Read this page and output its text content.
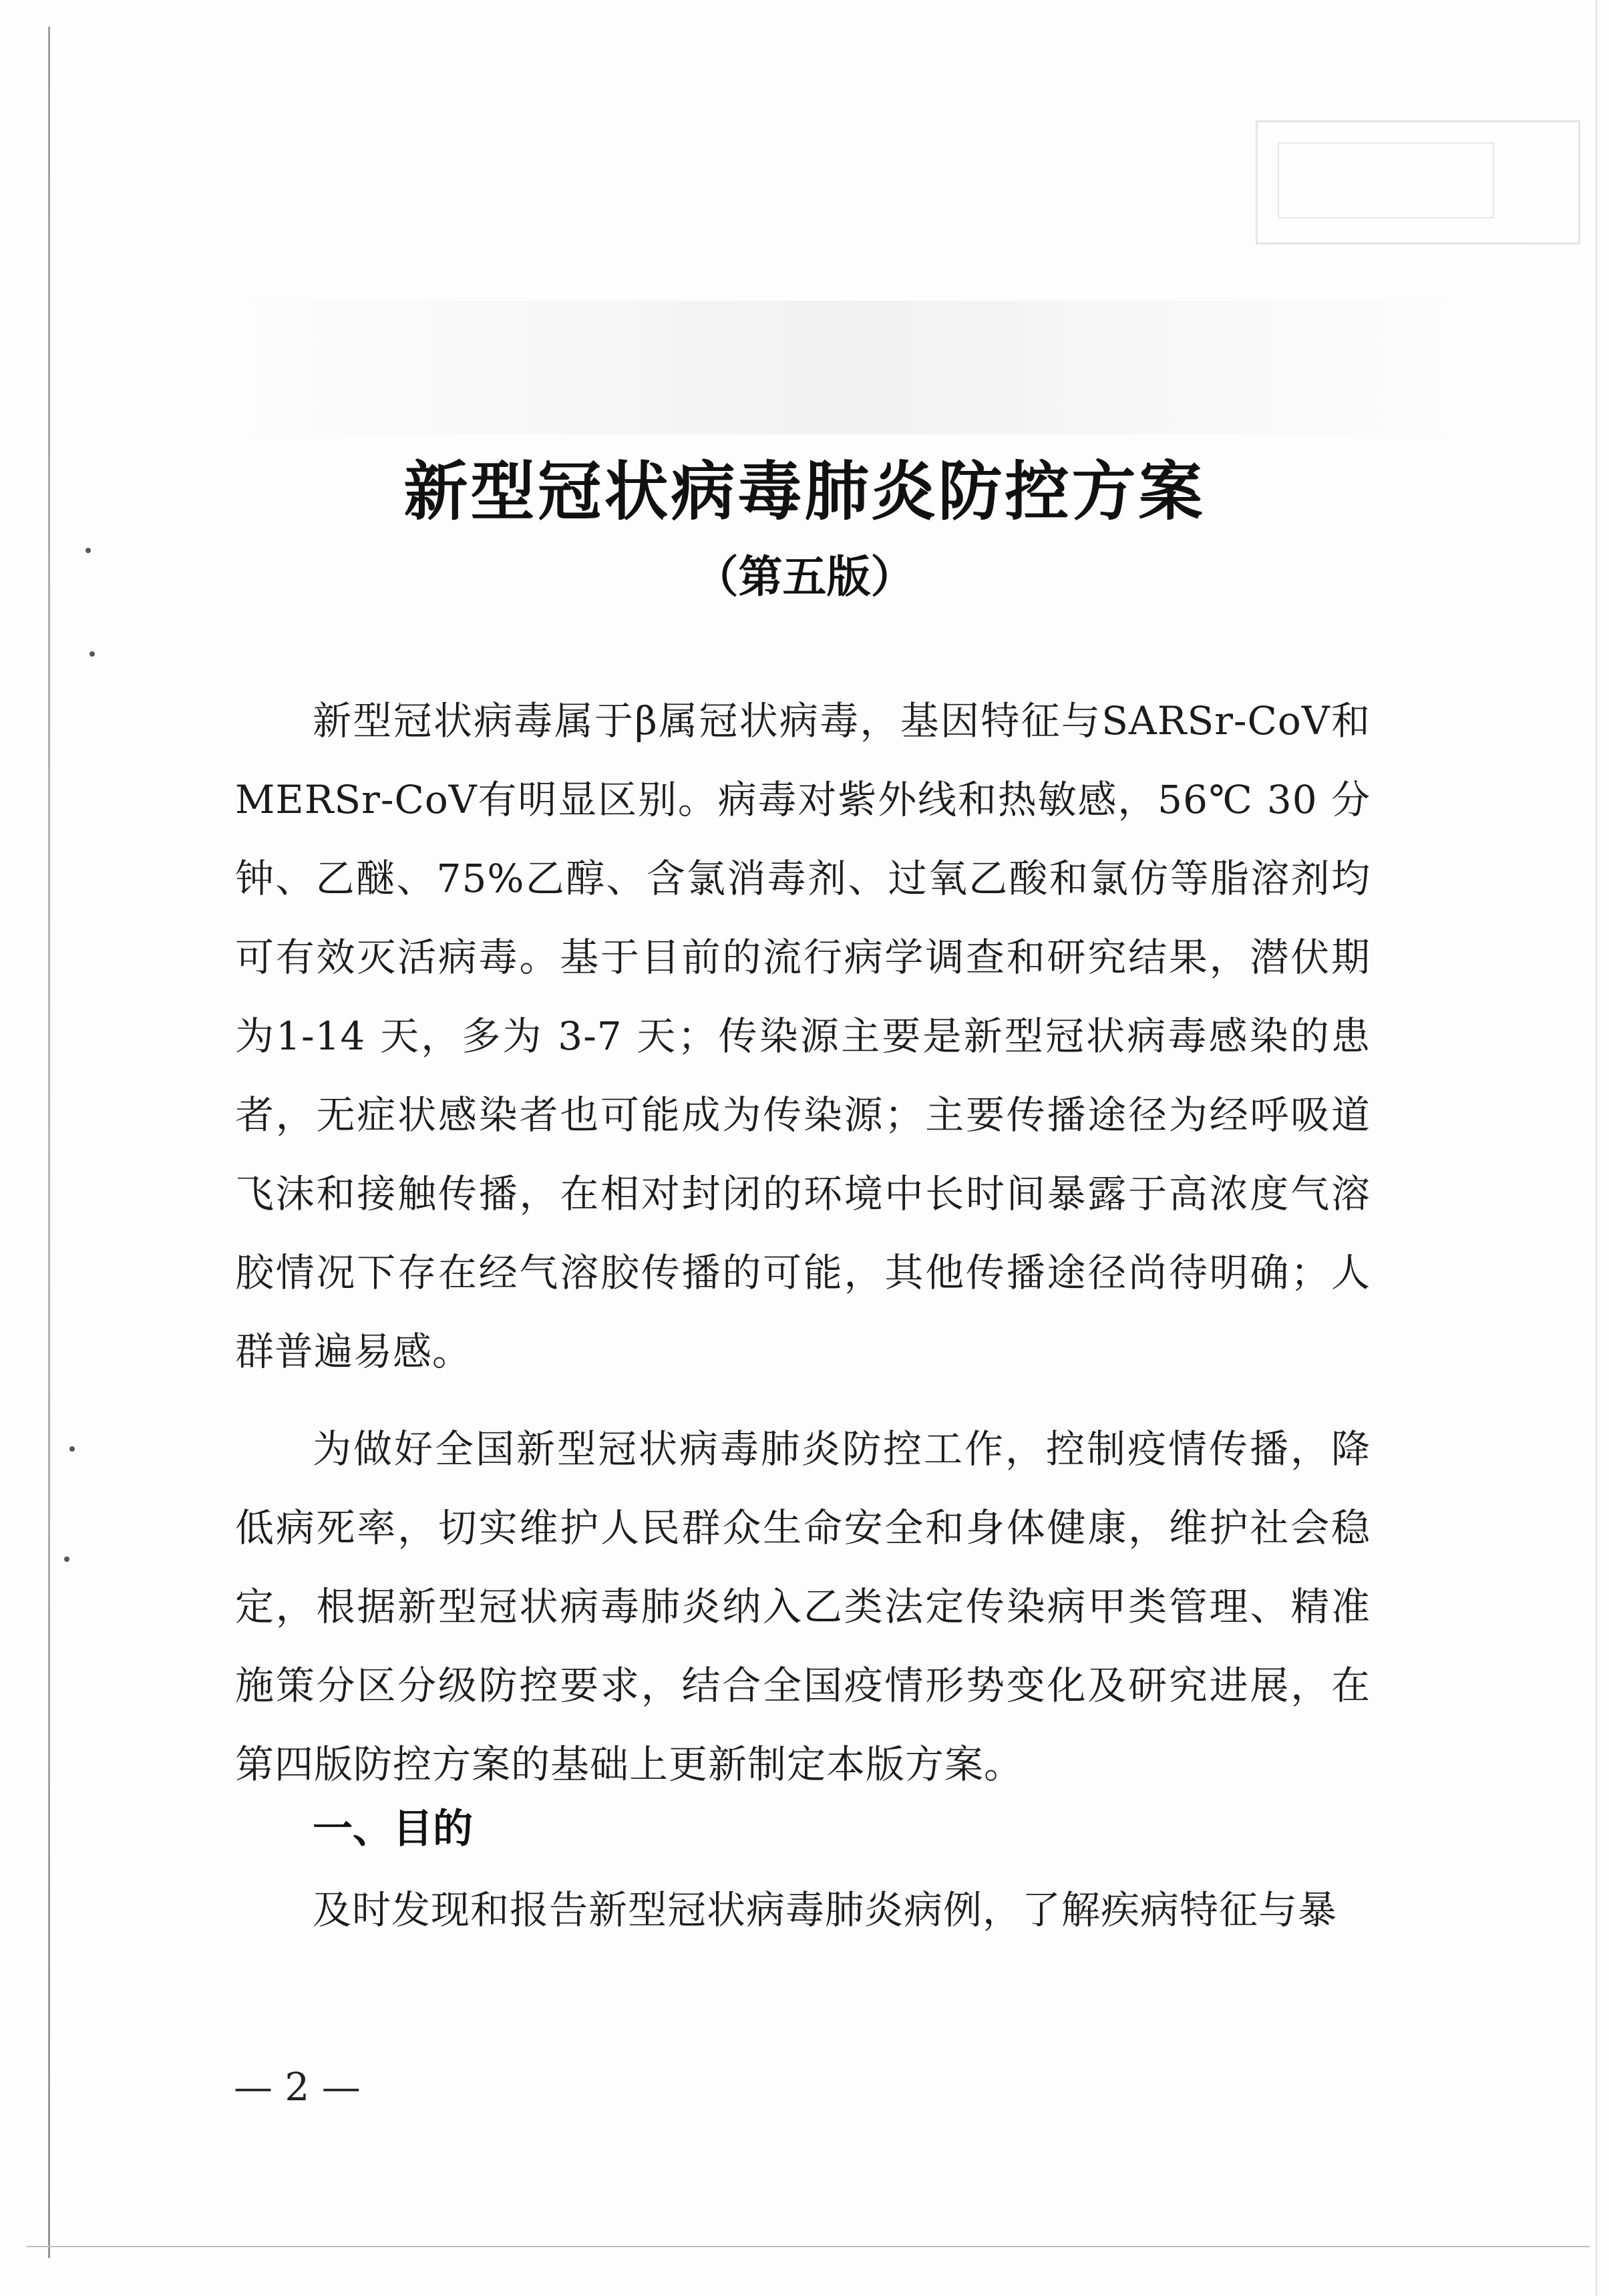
新型冠状病毒肺炎防控方案
（第五版）
新型冠状病毒属于β属冠状病毒，基因特征与SARSr-CoV和MERSr-CoV有明显区别。病毒对紫外线和热敏感，56℃ 30 分钟、乙醚、75%乙醇、含氯消毒剂、过氧乙酸和氯仿等脂溶剂均可有效灭活病毒。基于目前的流行病学调查和研究结果，潜伏期为1-14 天，多为 3-7 天；传染源主要是新型冠状病毒感染的患者，无症状感染者也可能成为传染源；主要传播途径为经呼吸道飞沫和接触传播，在相对封闭的环境中长时间暴露于高浓度气溶胶情况下存在经气溶胶传播的可能，其他传播途径尚待明确；人群普遍易感。
为做好全国新型冠状病毒肺炎防控工作，控制疫情传播，降低病死率，切实维护人民群众生命安全和身体健康，维护社会稳定，根据新型冠状病毒肺炎纳入乙类法定传染病甲类管理、精准施策分区分级防控要求，结合全国疫情形势变化及研究进展，在第四版防控方案的基础上更新制定本版方案。
一、目的
及时发现和报告新型冠状病毒肺炎病例，了解疾病特征与暴
— 2 —
